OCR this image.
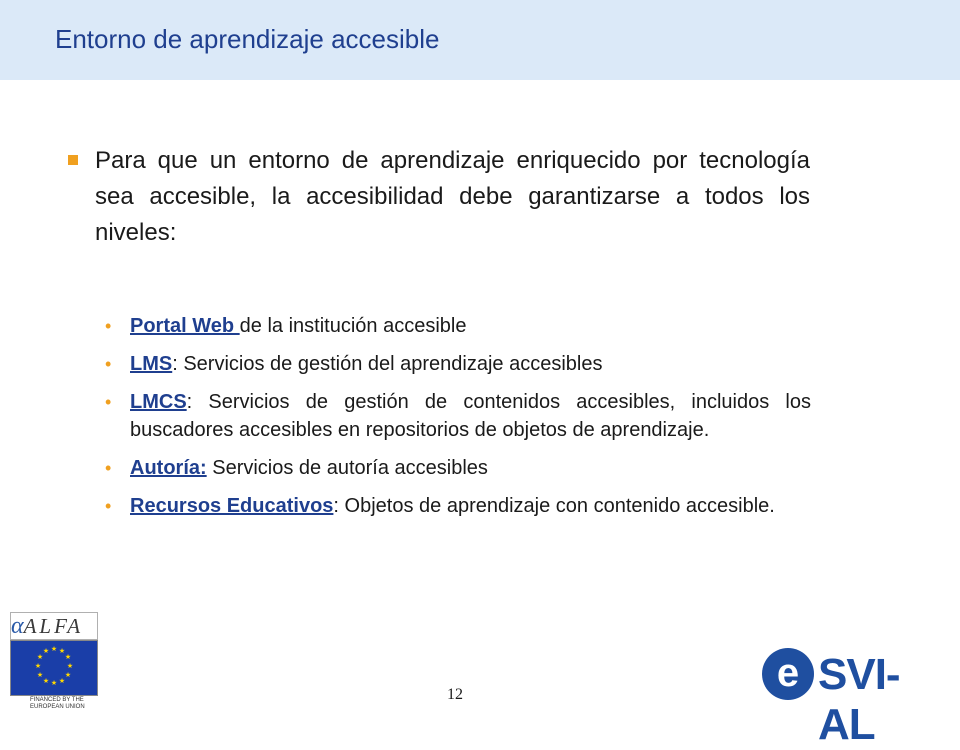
Entorno de aprendizaje accesible
Para que un entorno de aprendizaje enriquecido por tecnología sea accesible, la accesibilidad debe garantizarse a todos los niveles:
• Portal Web de la institución accesible
• LMS: Servicios de gestión del aprendizaje accesibles
• LMCS: Servicios de gestión de contenidos accesibles, incluidos los buscadores accesibles en repositorios de objetos de aprendizaje.
• Autoría: Servicios de autoría accesibles
• Recursos Educativos: Objetos de aprendizaje con contenido accesible.
αALFA
★ ★
★
★
★
★
★
★
★
★
★
★
FINANCED BY THE EUROPEAN UNION
12	e SVI-AL
